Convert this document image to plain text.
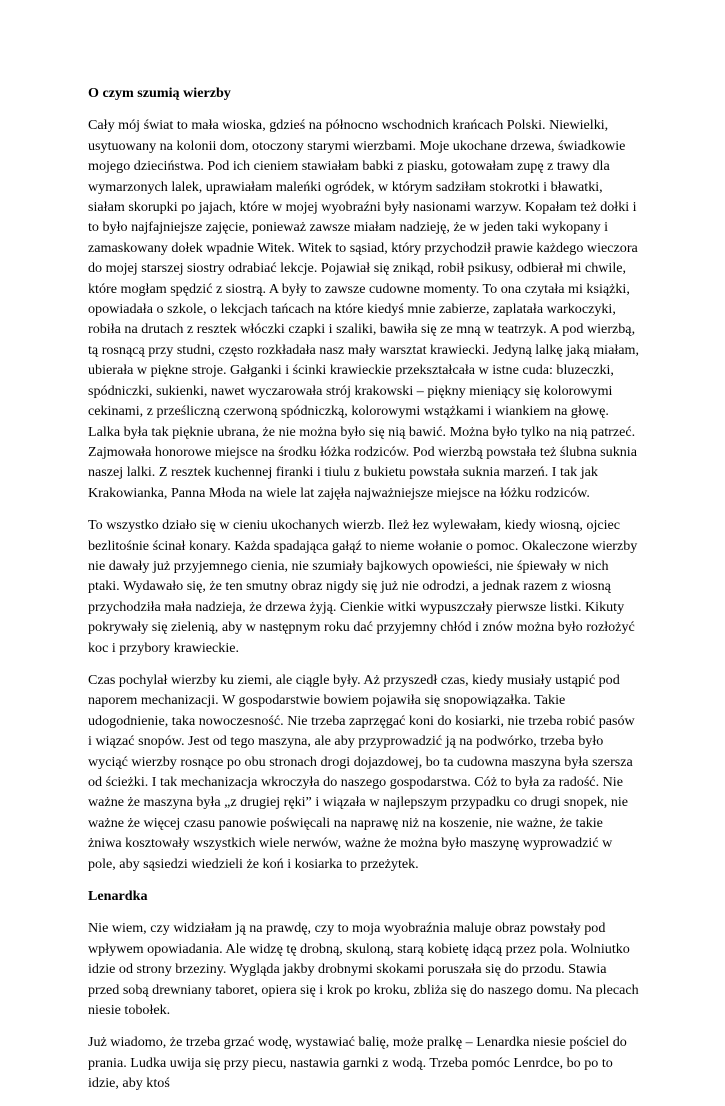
O czym szumią wierzby

Cały mój świat to mała wioska, gdzieś na północno wschodnich krańcach Polski. Niewielki, usytuowany na kolonii dom, otoczony starymi wierzbami. Moje ukochane drzewa, świadkowie mojego dzieciństwa. Pod ich cieniem stawiałam babki z piasku, gotowałam zupę z trawy dla wymarzonych lalek, uprawiałam maleńki ogródek, w którym sadziłam stokrotki i bławatki, siałam skorupki po jajach, które w mojej wyobraźni były nasionami warzyw. Kopałam też dołki i to było najfajniejsze zajęcie, ponieważ zawsze miałam nadzieję, że w jeden taki wykopany i zamaskowany dołek wpadnie Witek. Witek to sąsiad, który przychodził prawie każdego wieczora do mojej starszej siostry odrabiać lekcje. Pojawiał się znikąd, robił psikusy, odbierał mi chwile, które mogłam spędzić z siostrą. A były to zawsze cudowne momenty. To ona czytała mi książki, opowiadała o szkole, o lekcjach tańcach na które kiedyś mnie zabierze, zaplatała warkoczyki, robiła na drutach z resztek włóczki czapki i szaliki, bawiła się ze mną w teatrzyk. A pod wierzbą, tą rosnącą przy studni, często rozkładała nasz mały warsztat krawiecki. Jedyną lalkę jaką miałam, ubierała w piękne stroje. Gałganki i ścinki krawieckie przekształcała w istne cuda: bluzeczki, spódniczki, sukienki, nawet wyczarowała strój krakowski – piękny mieniący się kolorowymi cekinami, z prześliczną czerwoną spódniczką, kolorowymi wstążkami i wiankiem na głowę. Lalka była tak pięknie ubrana, że nie można było się nią bawić. Można było tylko na nią patrzeć. Zajmowała honorowe miejsce na środku łóżka rodziców. Pod wierzbą powstała też ślubna suknia naszej lalki. Z resztek kuchennej firanki i tiulu z bukietu powstała suknia marzeń. I tak jak Krakowianka, Panna Młoda na wiele lat zajęła najważniejsze miejsce na łóżku rodziców.

To wszystko działo się w cieniu ukochanych wierzb. Ileż łez wylewałam, kiedy wiosną, ojciec bezlitośnie ścinał konary. Każda spadająca gałąź to nieme wołanie o pomoc. Okaleczone wierzby nie dawały już przyjemnego cienia, nie szumiały bajkowych opowieści, nie śpiewały w nich ptaki. Wydawało się, że ten smutny obraz nigdy się już nie odrodzi, a jednak razem z wiosną przychodziła mała nadzieja, że drzewa żyją. Cienkie witki wypuszczały pierwsze listki. Kikuty pokrywały się zielenią, aby w następnym roku dać przyjemny chłód i znów można było rozłożyć koc i przybory krawieckie.

Czas pochylał wierzby ku ziemi, ale ciągle były. Aż przyszedł czas, kiedy musiały ustąpić pod naporem mechanizacji. W gospodarstwie bowiem pojawiła się snopowiązałka. Takie udogodnienie, taka nowoczesność. Nie trzeba zaprzęgać koni do kosiarki, nie trzeba robić pasów i wiązać snopów. Jest od tego maszyna, ale aby przyprowadzić ją na podwórko, trzeba było wyciąć wierzby rosnące po obu stronach drogi dojazdowej, bo ta cudowna maszyna była szersza od ścieżki. I tak mechanizacja wkroczyła do naszego gospodarstwa. Cóż to była za radość. Nie ważne że maszyna była „z drugiej ręki” i wiązała w najlepszym przypadku co drugi snopek, nie ważne że więcej czasu panowie poświęcali na naprawę niż na koszenie, nie ważne, że takie żniwa kosztowały wszystkich wiele nerwów, ważne że można było maszynę wyprowadzić w pole, aby sąsiedzi wiedzieli że koń i kosiarka to przeżytek.

Lenardka

Nie wiem, czy widziałam ją na prawdę, czy to moja wyobraźnia maluje obraz powstały pod wpływem opowiadania. Ale widzę tę drobną, skuloną, starą kobietę idącą przez pola. Wolniutko idzie od strony brzeziny. Wygląda jakby drobnymi skokami poruszała się do przodu. Stawia przed sobą drewniany taboret, opiera się i krok po kroku, zbliża się do naszego domu. Na plecach niesie tobołek.

Już wiadomo, że trzeba grzać wodę, wystawiać balię, może pralkę – Lenardka niesie pościel do prania. Ludka uwija się przy piecu, nastawia garnki z wodą. Trzeba pomóc Lenrdce, bo po to idzie, aby ktoś
